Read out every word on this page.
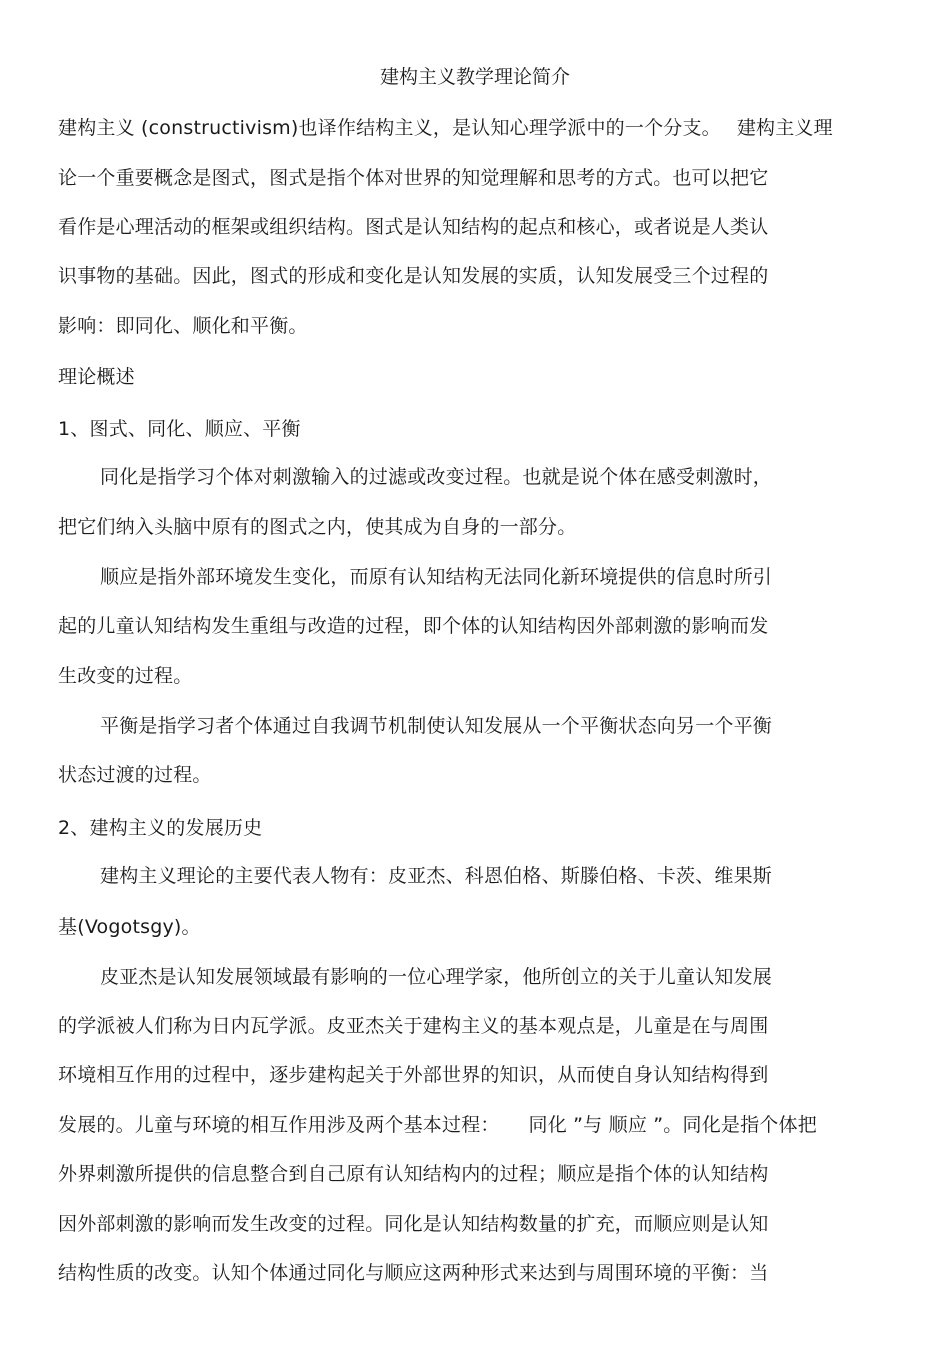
建构主义教学理论简介
建构主义 (constructivism)也译作结构主义，是认知心理学派中的一个分支。　 建构主义理
论一个重要概念是图式，图式是指个体对世界的知觉理解和思考的方式。也可以把它
看作是心理活动的框架或组织结构。图式是认知结构的起点和核心，或者说是人类认
识事物的基础。因此，图式的形成和变化是认知发展的实质，认知发展受三个过程的
影响：即同化、顺化和平衡。
理论概述
1、图式、同化、顺应、平衡
同化是指学习个体对刺激输入的过滤或改变过程。也就是说个体在感受刺激时，
把它们纳入头脑中原有的图式之内，使其成为自身的一部分。
顺应是指外部环境发生变化，而原有认知结构无法同化新环境提供的信息时所引
起的儿童认知结构发生重组与改造的过程，即个体的认知结构因外部刺激的影响而发
生改变的过程。
平衡是指学习者个体通过自我调节机制使认知发展从一个平衡状态向另一个平衡
状态过渡的过程。
2、建构主义的发展历史
建构主义理论的主要代表人物有：皮亚杰、科恩伯格、斯滕伯格、卡茨、维果斯
基(Vogotsgy)。
皮亚杰是认知发展领域最有影响的一位心理学家，他所创立的关于儿童认知发展
的学派被人们称为日内瓦学派。皮亚杰关于建构主义的基本观点是，儿童是在与周围
环境相互作用的过程中，逐步建构起关于外部世界的知识，从而使自身认知结构得到
发展的。儿童与环境的相互作用涉及两个基本过程：　　同化 ”与 顺应 ”。同化是指个体把
外界刺激所提供的信息整合到自己原有认知结构内的过程；顺应是指个体的认知结构
因外部刺激的影响而发生改变的过程。同化是认知结构数量的扩充，而顺应则是认知
结构性质的改变。认知个体通过同化与顺应这两种形式来达到与周围环境的平衡：当
